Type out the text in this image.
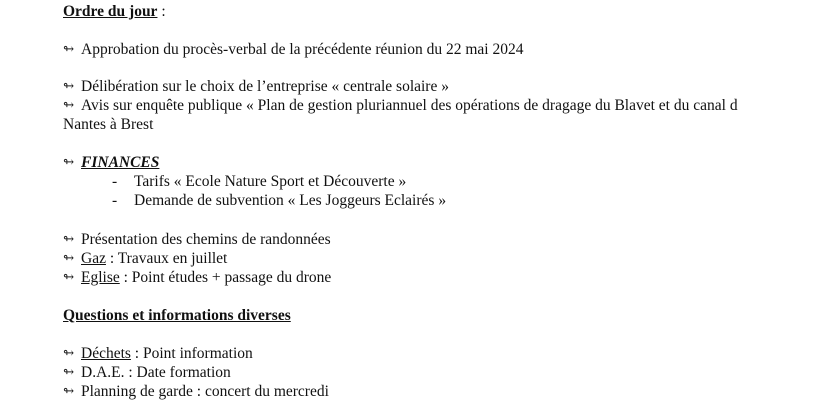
Ordre du jour :
↬ Approbation du procès-verbal de la précédente réunion du 22 mai 2024
↬ Délibération sur le choix de l’entreprise « centrale solaire »
↬ Avis sur enquête publique « Plan de gestion pluriannuel des opérations de dragage du Blavet et du canal d
Nantes à Brest
↬ FINANCES
- Tarifs « Ecole Nature Sport et Découverte »
- Demande de subvention « Les Joggeurs Eclairés »
↬ Présentation des chemins de randonnées
↬ Gaz : Travaux en juillet
↬ Eglise : Point études + passage du drone
Questions et informations diverses
↬ Déchets : Point information
↬ D.A.E. : Date formation
↬ Planning de garde : concert du mercredi
